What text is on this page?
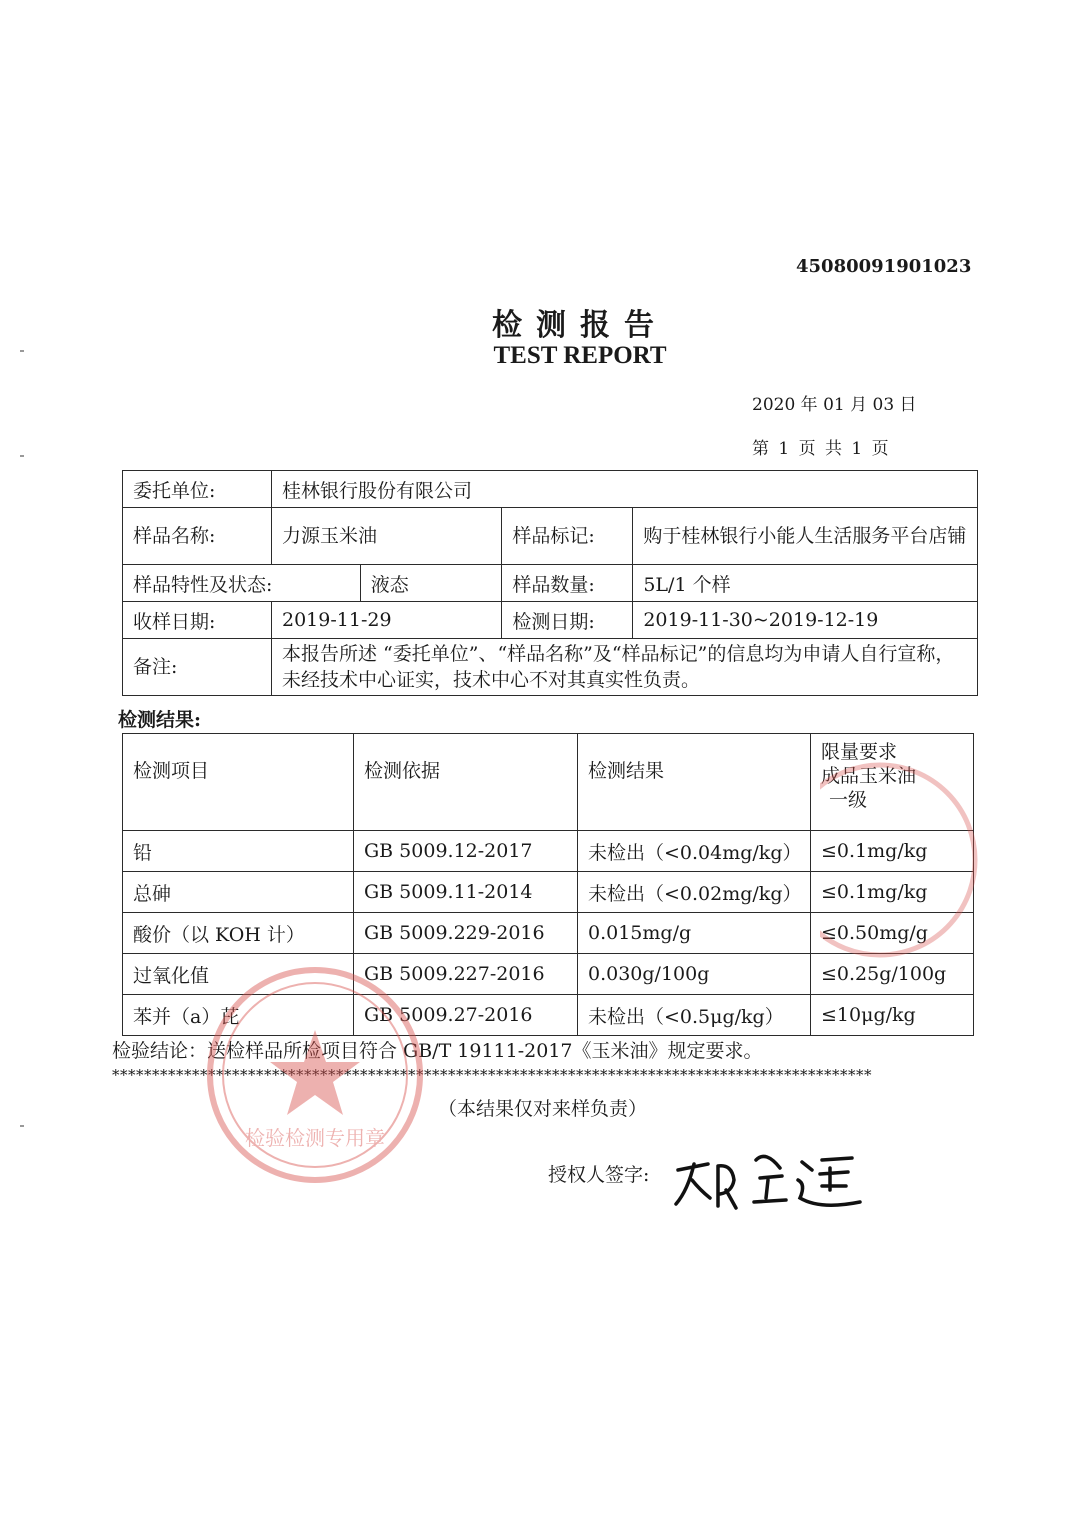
45080091901023
检测报告
TEST REPORT
2020 年 01 月 03 日
第 1 页 共 1 页
委托单位:	桂林银行股份有限公司			
样品名称:	力源玉米油		样品标记:	购于桂林银行小能人生活服务平台店铺
样品特性及状态:		液态	样品数量:	5L/1 个样
收样日期:	2019-11-29		检测日期:	2019-11-30~2019-12-19
备注:	本报告所述 “委托单位”、“样品名称”及“样品标记”的信息均为申请人自行宣称，未经技术中心证实，技术中心不对其真实性负责。			
检测结果:
检测项目	检测依据	检测结果	限量要求
成品玉米油
一级

铅	GB 5009.12-2017	未检出（<0.04mg/kg）	≤0.1mg/kg
总砷	GB 5009.11-2014	未检出（<0.02mg/kg）	≤0.1mg/kg
酸价（以 KOH 计）	GB 5009.229-2016	0.015mg/g	≤0.50mg/g
过氧化值	GB 5009.227-2016	0.030g/100g	≤0.25g/100g
苯并（a）芘	GB 5009.27-2016	未检出（<0.5μg/kg）	≤10μg/kg
检验结论：送检样品所检项目符合 GB/T 19111-2017《玉米油》规定要求。
***********************************************************************************************
（本结果仅对来样负责）
授权人签字:
检验检测专用章
